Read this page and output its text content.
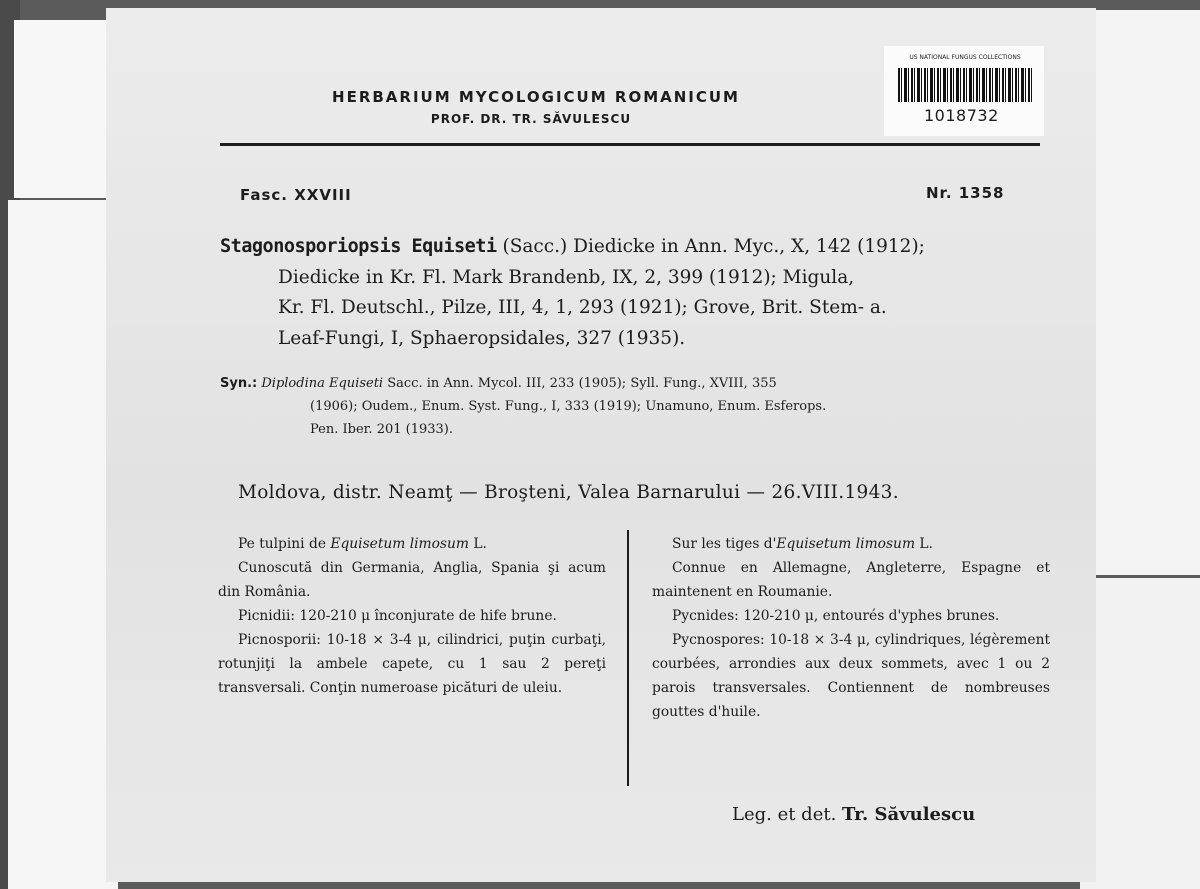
HERBARIUM MYCOLOGICUM ROMANICUM
PROF. DR. TR. SĂVULESCU
US NATIONAL FUNGUS COLLECTIONS
1018732
Fasc. XXVIII	Nr. 1358
Stagonosporiopsis Equiseti (Sacc.) Diedicke in Ann. Myc., X, 142 (1912);
Diedicke in Kr. Fl. Mark Brandenb, IX, 2, 399 (1912); Migula,
Kr. Fl. Deutschl., Pilze, III, 4, 1, 293 (1921); Grove, Brit. Stem- a.
Leaf-Fungi, I, Sphaeropsidales, 327 (1935).
Syn.: Diplodina Equiseti Sacc. in Ann. Mycol. III, 233 (1905); Syll. Fung., XVIII, 355
(1906); Oudem., Enum. Syst. Fung., I, 333 (1919); Unamuno, Enum. Esferops.
Pen. Iber. 201 (1933).
Moldova, distr. Neamţ — Broşteni, Valea Barnarului — 26.VIII.1943.

Pe tulpini de Equisetum limosum L.

Cunoscută din Germania, Anglia, Spania şi acum din România.

Picnidii: 120-210 μ înconjurate de hife brune.

Picnosporii: 10-18 × 3-4 μ, cilindrici, puţin curbaţi, rotunjiţi la ambele capete, cu 1 sau 2 pereţi transversali. Conţin numeroase picături de uleiu.

Sur les tiges d'Equisetum limosum L.

Connue en Allemagne, Angleterre, Espagne et maintenent en Roumanie.

Pycnides: 120-210 μ, entourés d'yphes brunes.

Pycnospores: 10-18 × 3-4 μ, cylindriques, légèrement courbées, arrondies aux deux sommets, avec 1 ou 2 parois transversales. Contiennent de nombreuses gouttes d'huile.

Leg. et det. Tr. Săvulescu
